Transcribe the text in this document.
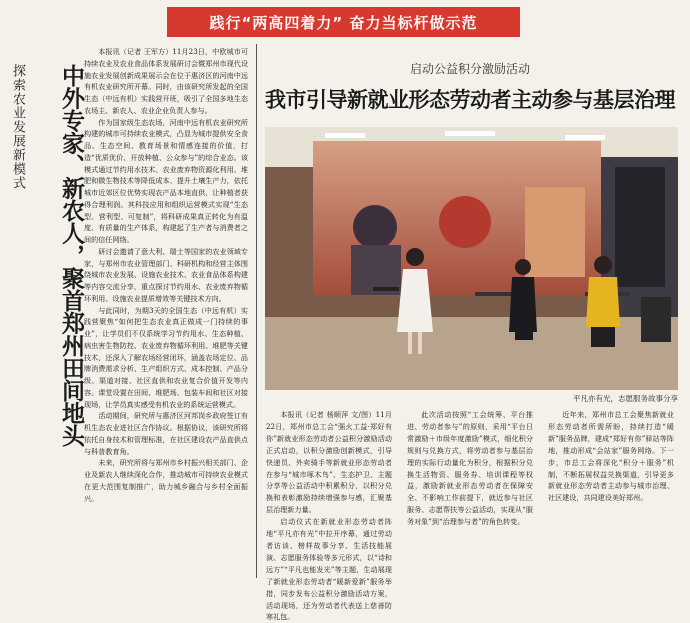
践行“两高四着力” 奋力当标杆做示范
探索农业发展新模式	中外专家、新农人，聚首郑州田间地头

本报讯（记者 王军方）11月23日，中欧城市可持续农业及农业食品体系发展研讨会暨郑州市现代设施农业发展创新成果展示会在位于惠济区的河南中远有机农业研究所开幕。同时，由该研究所发起的全国生态（中远有机）实践营开班，吸引了全国多地生态农场主、新农人、农业企业负责人参与。

作为国家级生态农场，河南中远有机农业研究所构建的城市可持续农业模式，凸显为城市提供安全食品、生态空间、教育场景和情感连接的价值，打造“优质优价、开放种植、公众参与”的综合业态。该模式通过节约用水技术、农业废弃物资源化利用、堆肥和微生物技术等降低成本、提升土壤生产力，依托城市近郊区位优势实现农产品本地直供，让种植者获得合理利润。其科技应用和组织运营模式实现“生态型、营利型、可复制”，将科研成果真正转化为有温度、有质量的生产体系，构建起了生产者与消费者之间的信任网络。

研讨会邀请了意大利、瑞士等国家的农业领域专家，与郑州市农业管理部门、科研机构和经营主体围绕城市农业发展、设施农业技术、农业食品体系构建等内容交流分享，重点探讨节约用水、农业废弃物循环利用、设施农业提质增效等关键技术方向。

与此同时，为期3天的全国生态（中远有机）实践营聚焦“如何把生态农业真正做成一门持续的事业”，让学员们不仅系统学习节约用水、生态种植、病虫害生物防控、农业废弃物循环利用、堆肥等关键技术，还深入了解农场经营闭环，涵盖农场定位、品牌消费需求分析、生产组织方式、成本控制、产品分级、渠道对接、社区直供和农业复合价值开发等内容。课堂设置在田间、堆肥场、包装车间和社区对接现场，让学员真实感受有机农业的系统运营模式。

活动期间，研究所与惠济区河邦岗乡政府签订有机生态农业进社区合作协议。根据协议，该研究所将依托自身技术和管理标准，在社区建设农产品直供点与科普教育角。

未来，研究所将与郑州市乡村振兴相关部门、企业及新农人继续深化合作，推动城市可持续农业模式在更大范围复制推广，助力城乡融合与乡村全面振兴。

启动公益积分激励活动
我市引导新就业形态劳动者主动参与基层治理
平凡亦有光，志愿服务故事分享

本报讯（记者 杨顺萍 文/图）11月22日，郑州市总工会“强火工益·郑好有你”新就业形态劳动者公益积分激励活动正式启动，以积分激励创新模式，引导快递员、外卖骑手等新就业形态劳动者在参与“城市啄木鸟”、生态护卫、主题分享等公益活动中积累积分，以积分兑换和表彰激励持续增强参与感，汇聚基层治理新力量。

启动仪式在新就业形态劳动者阵地“平凡亦有光”中拉开序幕，通过劳动者访谈、榜样故事分享、生活技能展演、志愿服务体验等多元形式，以“诗和远方”“平凡也能发光”等主题，生动展现了新就业形态劳动者“暖新爱新”服务举措，同步发布公益积分激励活动方案，活动现场，还为劳动者代表送上慈善防寒礼包。

此次活动按照“工会统筹、平台推进、劳动者参与”的原则，采用“平台日常激励＋市级年度激励”模式，细化积分规则与兑换方式，将劳动者参与基层治理的实际行动量化为积分，根据积分兑换生活物资、服务券、培训课程等权益，激励新就业形态劳动者在保障安全、不影响工作前提下，就近参与社区服务、志愿帮扶等公益活动，实现从“服务对象”到“治理参与者”的角色转变。

近年来，郑州市总工会聚焦新就业形态劳动者所需所盼，持续打造“暖新”服务品牌，建成“郑好有你”驿站等阵地，推动形成“会站家”服务网络。下一步，市总工会将深化“积分＋服务”机制，不断拓展权益兑换渠道，引导更多新就业形态劳动者主动参与城市治理、社区建设，共同建设美好郑州。
